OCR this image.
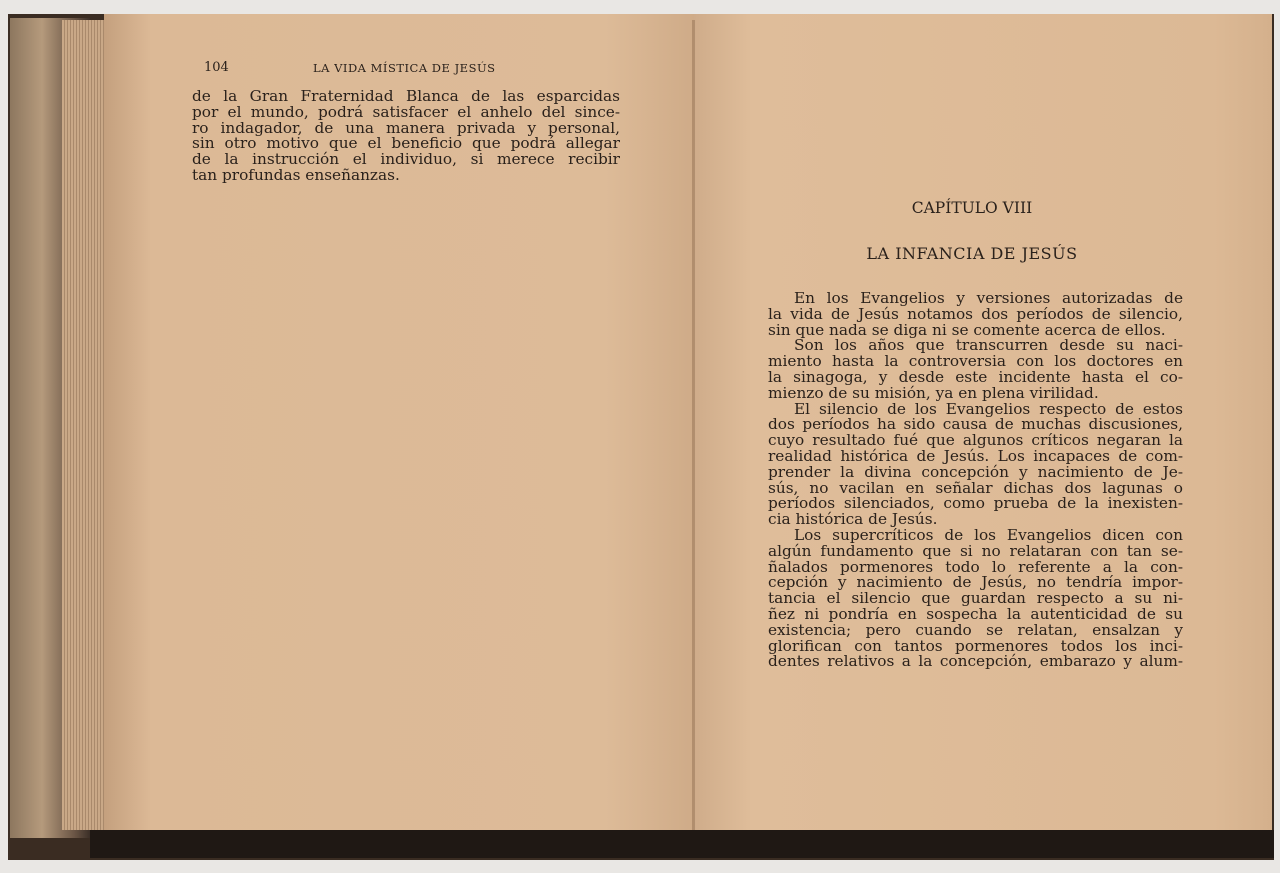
104	LA VIDA MÍSTICA DE JESÚS
de la Gran Fraternidad Blanca de las esparcidas
por el mundo, podrá satisfacer el anhelo del since-
ro indagador, de una manera privada y personal,
sin otro motivo que el beneficio que podrá allegar
de la instrucción el individuo, si merece recibir
tan profundas enseñanzas.
CAPÍTULO VIII
LA INFANCIA DE JESÚS
En los Evangelios y versiones autorizadas de
la vida de Jesús notamos dos períodos de silencio,
sin que nada se diga ni se comente acerca de ellos.
Son los años que transcurren desde su naci-
miento hasta la controversia con los doctores en
la sinagoga, y desde este incidente hasta el co-
mienzo de su misión, ya en plena virilidad.
El silencio de los Evangelios respecto de estos
dos períodos ha sido causa de muchas discusiones,
cuyo resultado fué que algunos críticos negaran la
realidad histórica de Jesús. Los incapaces de com-
prender la divina concepción y nacimiento de Je-
sús, no vacilan en señalar dichas dos lagunas o
períodos silenciados, como prueba de la inexisten-
cia histórica de Jesús.
Los supercríticos de los Evangelios dicen con
algún fundamento que si no relataran con tan se-
ñalados pormenores todo lo referente a la con-
cepción y nacimiento de Jesús, no tendría impor-
tancia el silencio que guardan respecto a su ni-
ñez ni pondría en sospecha la autenticidad de su
existencia; pero cuando se relatan, ensalzan y
glorifican con tantos pormenores todos los inci-
dentes relativos a la concepción, embarazo y alum-
